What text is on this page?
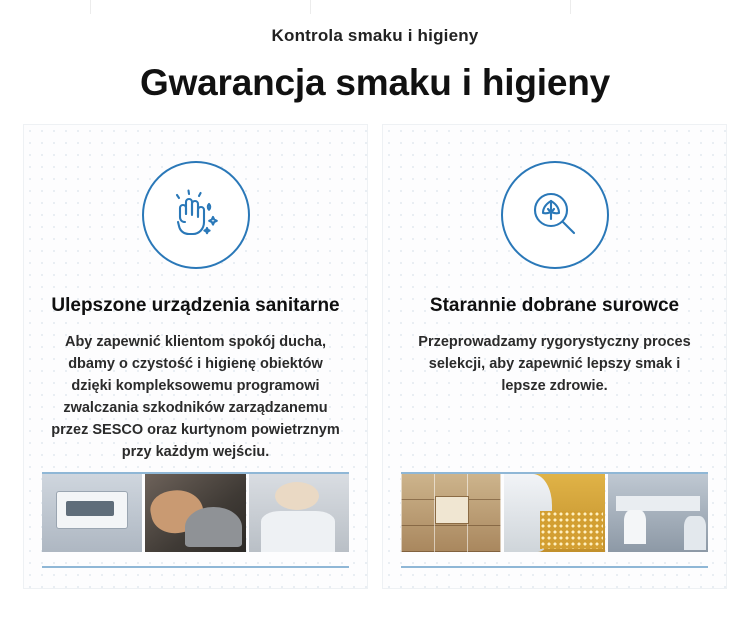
Kontrola smaku i higieny
Gwarancja smaku i higieny
Ulepszone urządzenia sanitarne
Aby zapewnić klientom spokój ducha, dbamy o czystość i higienę obiektów dzięki kompleksowemu programowi zwalczania szkodników zarządzanemu przez SESCO oraz kurtynom powietrznym przy każdym wejściu.
Starannie dobrane surowce
Przeprowadzamy rygorystyczny proces selekcji, aby zapewnić lepszy smak i lepsze zdrowie.
